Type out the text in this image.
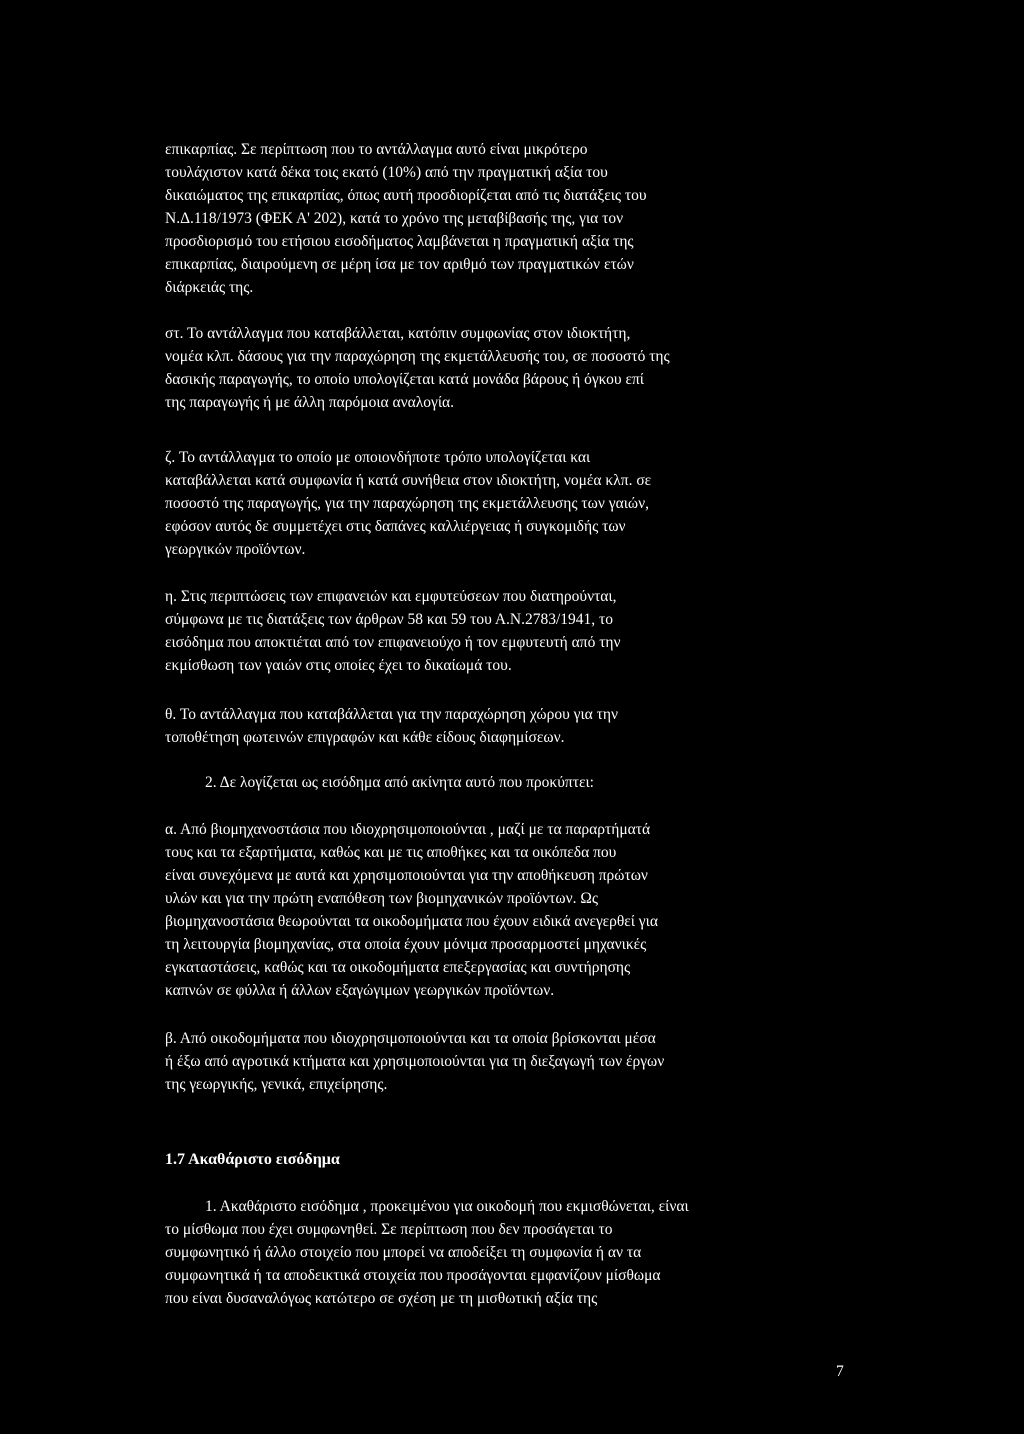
επικαρπίας. Σε περίπτωση που το αντάλλαγμα αυτό είναι μικρότερο
τουλάχιστον κατά δέκα τοις εκατό (10%) από την πραγματική αξία του
δικαιώματος της επικαρπίας, όπως αυτή προσδιορίζεται από τις διατάξεις του
Ν.Δ.118/1973 (ΦΕΚ Α' 202), κατά το χρόνο της μεταβίβασής της, για τον
προσδιορισμό του ετήσιου εισοδήματος λαμβάνεται η πραγματική αξία της
επικαρπίας, διαιρούμενη σε μέρη ίσα με τον αριθμό των πραγματικών ετών
διάρκειάς της.

στ. Το αντάλλαγμα που καταβάλλεται, κατόπιν συμφωνίας στον ιδιοκτήτη,
νομέα κλπ. δάσους για την παραχώρηση της εκμετάλλευσής του, σε ποσοστό της
δασικής παραγωγής, το οποίο υπολογίζεται κατά μονάδα βάρους ή όγκου επί
της παραγωγής ή με άλλη παρόμοια αναλογία.

ζ. Το αντάλλαγμα το οποίο με οποιονδήποτε τρόπο υπολογίζεται και
καταβάλλεται κατά συμφωνία ή κατά συνήθεια στον ιδιοκτήτη, νομέα κλπ. σε
ποσοστό της παραγωγής, για την παραχώρηση της εκμετάλλευσης των γαιών,
εφόσον αυτός δε συμμετέχει στις δαπάνες καλλιέργειας ή συγκομιδής των
γεωργικών προϊόντων.

η. Στις περιπτώσεις των επιφανειών και εμφυτεύσεων που διατηρούνται,
σύμφωνα με τις διατάξεις των άρθρων 58 και 59 του Α.Ν.2783/1941, το
εισόδημα που αποκτιέται από τον επιφανειούχο ή τον εμφυτευτή από την
εκμίσθωση των γαιών στις οποίες έχει το δικαίωμά του.

θ. Το αντάλλαγμα που καταβάλλεται για την παραχώρηση χώρου για την
τοποθέτηση φωτεινών επιγραφών και κάθε είδους διαφημίσεων.

2. Δε λογίζεται ως εισόδημα από ακίνητα αυτό που προκύπτει:

α. Από βιομηχανοστάσια που ιδιοχρησιμοποιούνται , μαζί με τα παραρτήματά
τους και τα εξαρτήματα, καθώς και με τις αποθήκες και τα οικόπεδα που
είναι συνεχόμενα με αυτά και χρησιμοποιούνται για την αποθήκευση πρώτων
υλών και για την πρώτη εναπόθεση των βιομηχανικών προϊόντων. Ως
βιομηχανοστάσια θεωρούνται τα οικοδομήματα που έχουν ειδικά ανεγερθεί για
τη λειτουργία βιομηχανίας, στα οποία έχουν μόνιμα προσαρμοστεί μηχανικές
εγκαταστάσεις, καθώς και τα οικοδομήματα επεξεργασίας και συντήρησης
καπνών σε φύλλα ή άλλων εξαγώγιμων γεωργικών προϊόντων.

β. Από οικοδομήματα που ιδιοχρησιμοποιούνται και τα οποία βρίσκονται μέσα
ή έξω από αγροτικά κτήματα και χρησιμοποιούνται για τη διεξαγωγή των έργων
της γεωργικής, γενικά, επιχείρησης.

1.7 Ακαθάριστο εισόδημα

1. Ακαθάριστο εισόδημα , προκειμένου για οικοδομή που εκμισθώνεται, είναι
το μίσθωμα που έχει συμφωνηθεί. Σε περίπτωση που δεν προσάγεται το
συμφωνητικό ή άλλο στοιχείο που μπορεί να αποδείξει τη συμφωνία ή αν τα
συμφωνητικά ή τα αποδεικτικά στοιχεία που προσάγονται εμφανίζουν μίσθωμα
που είναι δυσαναλόγως κατώτερο σε σχέση με τη μισθωτική αξία της

7
